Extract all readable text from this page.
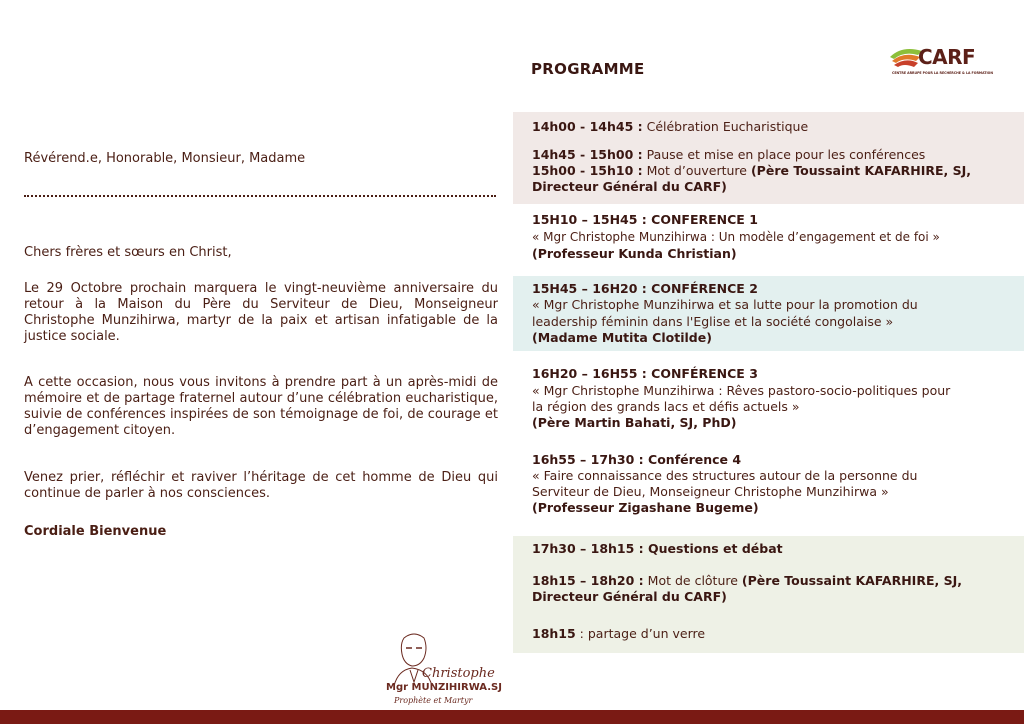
Révérend.e, Honorable, Monsieur, Madame
Chers frères et sœurs en Christ,
Le 29 Octobre prochain marquera le vingt-neuvième anniversaire du retour à la Maison du Père du Serviteur de Dieu, Monseigneur Christophe Munzihirwa, martyr de la paix et artisan infatigable de la justice sociale.
A cette occasion, nous vous invitons à prendre part à un après-midi de mémoire et de partage fraternel autour d’une célébration eucharistique, suivie de conférences inspirées de son témoignage de foi, de courage et d’engagement citoyen.
Venez prier, réfléchir et raviver l’héritage de cet homme de Dieu qui continue de parler à nos consciences.
Cordiale Bienvenue
PROGRAMME	CARF
CENTRE ARRUPE POUR LA RECHERCHE & LA FORMATION
14h00 - 14h45 : Célébration Eucharistique
14h45 - 15h00 : Pause et mise en place pour les conférences
15h00 - 15h10 : Mot d’ouverture (Père Toussaint KAFARHIRE, SJ,
Directeur Général du CARF)
15H10 – 15H45 : CONFERENCE 1
« Mgr Christophe Munzihirwa : Un modèle d’engagement et de foi »
(Professeur Kunda Christian)
15H45 – 16H20 : CONFÉRENCE 2
« Mgr Christophe Munzihirwa et sa lutte pour la promotion du
leadership féminin dans l'Eglise et la société congolaise »
(Madame Mutita Clotilde)
16H20 – 16H55 : CONFÉRENCE 3
« Mgr Christophe Munzihirwa : Rêves pastoro-socio-politiques pour
la région des grands lacs et défis actuels »
(Père Martin Bahati, SJ, PhD)
16h55 – 17h30 : Conférence 4
« Faire connaissance des structures autour de la personne du
Serviteur de Dieu, Monseigneur Christophe Munzihirwa »
(Professeur Zigashane Bugeme)
17h30 – 18h15 : Questions et débat
18h15 – 18h20 : Mot de clôture (Père Toussaint KAFARHIRE, SJ,
Directeur Général du CARF)
18h15 : partage d’un verre
Christophe
Mgr MUNZIHIRWA.SJ
Prophète et Martyr
